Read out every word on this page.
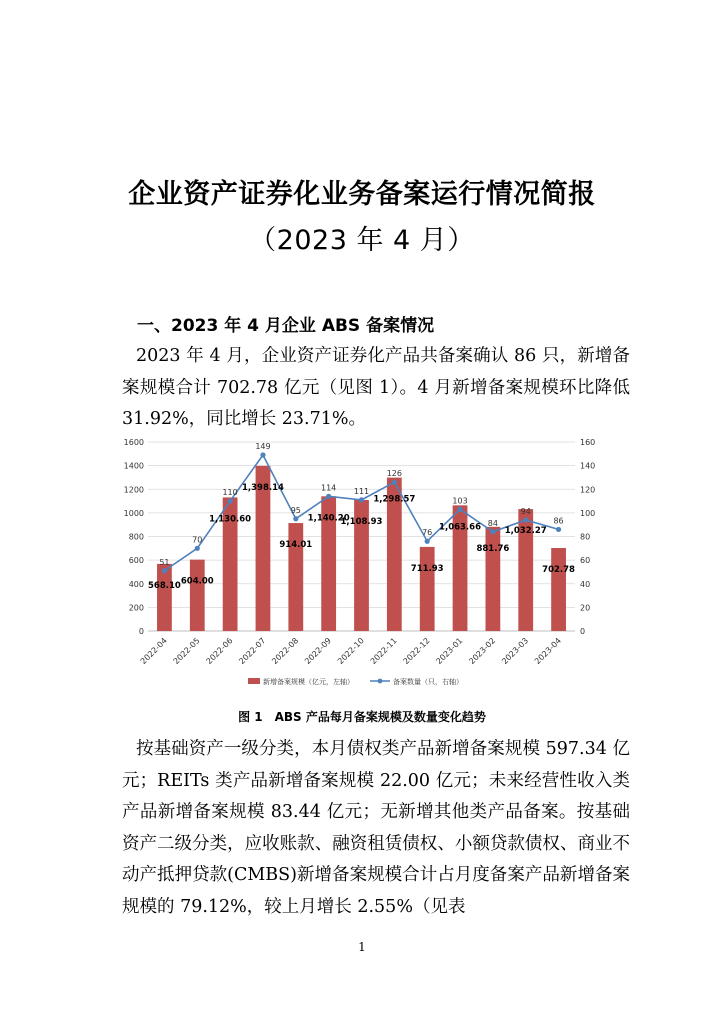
企业资产证券化业务备案运行情况简报
（2023 年 4 月）
一、2023 年 4 月企业 ABS 备案情况
2023 年 4 月，企业资产证券化产品共备案确认 86 只，新增备案规模合计 702.78 亿元（见图 1）。4 月新增备案规模环比降低 31.92%，同比增长 23.71%。
0
200
400
600
800
1000
1200
1400
1600
0
20
40
60
80
100
120
140
160
51
70
110
149
95
114 111
126
76
103
84
94
86
568.10 604.00
1,130.60
1,398.14
914.01
1,140.20
1,108.93
1,298.57
711.93
1,063.66
881.76
1,032.27
702.78
2022-04 2022-05 2022-06 2022-07 2022-08 2022-09 2022-10 2022-11 2022-12 2023-01 2023-02 2023-03 2023-04
新增备案规模（亿元，左轴）	备案数量（只，右轴）
图 1　ABS 产品每月备案规模及数量变化趋势
按基础资产一级分类，本月债权类产品新增备案规模 597.34 亿元；REITs 类产品新增备案规模 22.00 亿元；未来经营性收入类产品新增备案规模 83.44 亿元；无新增其他类产品备案。按基础资产二级分类，应收账款、融资租赁债权、小额贷款债权、商业不动产抵押贷款(CMBS)新增备案规模合计占月度备案产品新增备案规模的 79.12%，较上月增长 2.55%（见表
1
